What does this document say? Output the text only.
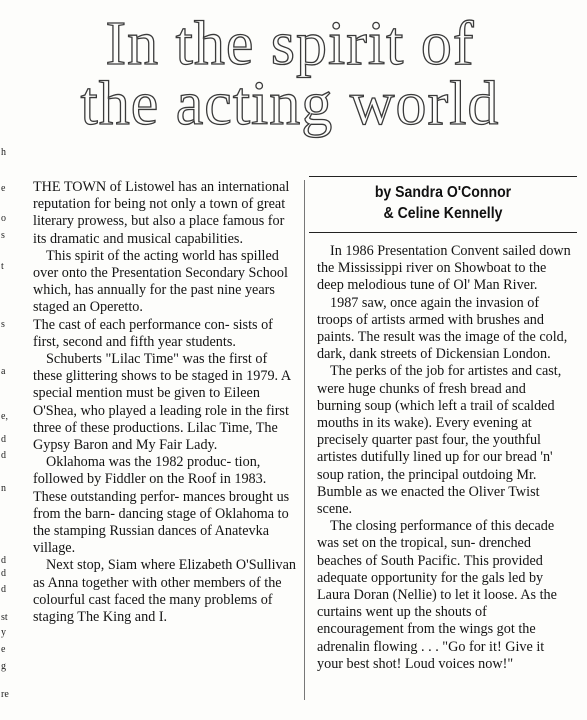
h
e
o
s
t
s
a
e,
d
d
n
d
d
d
st
y
e
g
re
In the spirit of
the acting world
by Sandra O'Connor
& Celine Kennelly

THE TOWN of Listowel has an international reputation for being not only a town of great literary prowess, but also a place famous for its dramatic and musical capabilities.

This spirit of the acting world has spilled over onto the Presentation Secondary School which, has annually for the past nine years staged an Operetto.

The cast of each performance con- sists of first, second and fifth year students.

Schuberts "Lilac Time" was the first of these glittering shows to be staged in 1979. A special mention must be given to Eileen O'Shea, who played a leading role in the first three of these productions. Lilac Time, The Gypsy Baron and My Fair Lady.

Oklahoma was the 1982 produc- tion, followed by Fiddler on the Roof in 1983. These outstanding perfor- mances brought us from the barn- dancing stage of Oklahoma to the stamping Russian dances of Anatevka village.

Next stop, Siam where Elizabeth O'Sullivan as Anna together with other members of the colourful cast faced the many problems of staging The King and I.

In 1986 Presentation Convent sailed down the Mississippi river on Showboat to the deep melodious tune of Ol' Man River.

1987 saw, once again the invasion of troops of artists armed with brushes and paints. The result was the image of the cold, dark, dank streets of Dickensian London.

The perks of the job for artistes and cast, were huge chunks of fresh bread and burning soup (which left a trail of scalded mouths in its wake). Every evening at precisely quarter past four, the youthful artistes dutifully lined up for our bread 'n' soup ration, the principal outdoing Mr. Bumble as we enacted the Oliver Twist scene.

The closing performance of this decade was set on the tropical, sun- drenched beaches of South Pacific. This provided adequate opportunity for the gals led by Laura Doran (Nellie) to let it loose. As the curtains went up the shouts of encouragement from the wings got the adrenalin flowing . . . "Go for it! Give it your best shot! Loud voices now!"
